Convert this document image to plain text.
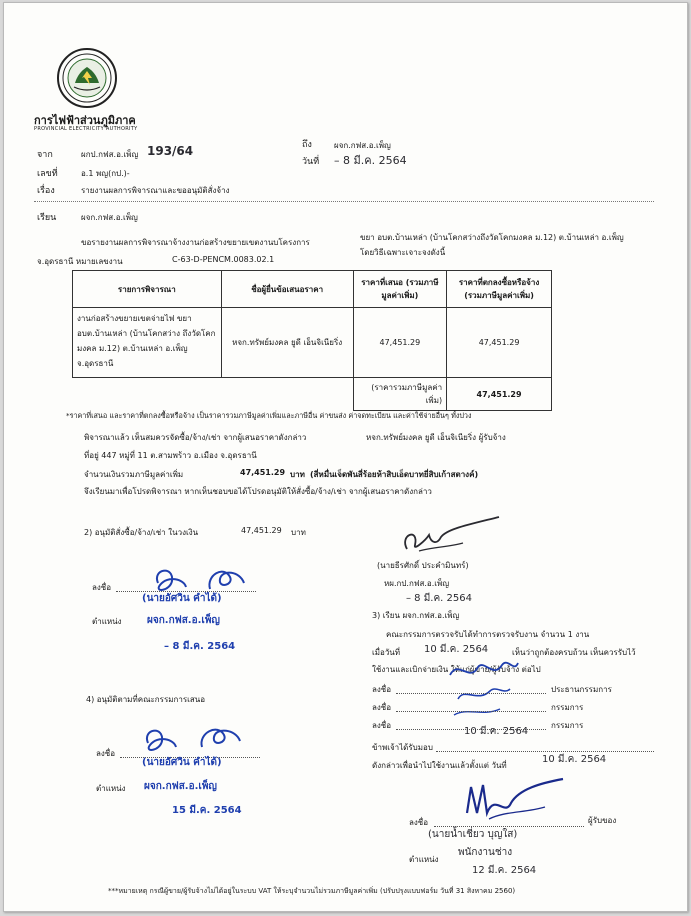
การไฟฟ้าส่วนภูมิภาค
PROVINCIAL ELECTRICITY AUTHORITY
จาก	ผกป.กฟส.อ.เพ็ญ 193/64	ถึง	ผจก.กฟส.อ.เพ็ญ
วันที่ – 8 มี.ค. 2564
เลขที่	อ.1 พญ(กป.)-
เรื่อง	รายงานผลการพิจารณาและขออนุมัติสั่งจ้าง
เรียน	ผจก.กฟส.อ.เพ็ญ
ขอรายงานผลการพิจารณาจ้างงานก่อสร้างขยายเขตงานบโครงการ
ขยา อบต.บ้านเหล่า (บ้านโคกสว่างถึงวัดโคกมงคล ม.12) ต.บ้านเหล่า อ.เพ็ญ
จ.อุดรธานี หมายเลขงาน	C-63-D-PENCM.0083.02.1
โดยวิธีเฉพาะเจาะจงดังนี้
รายการพิจารณา	ชื่อผู้ยื่นข้อเสนอราคา	ราคาที่เสนอ (รวมภาษีมูลค่าเพิ่ม)	ราคาที่ตกลงซื้อหรือจ้าง (รวมภาษีมูลค่าเพิ่ม)
งานก่อสร้างขยายเขตจ่ายไฟ ขยา อบต.บ้านเหล่า (บ้านโคกสว่าง ถึงวัดโคกมงคล ม.12) ต.บ้านเหล่า อ.เพ็ญ จ.อุดรธานี	หจก.ทรัพย์มงคล ยูดี เอ็นจิเนียริ่ง	47,451.29	47,451.29
		(ราคารวมภาษีมูลค่าเพิ่ม)	47,451.29
*ราคาที่เสนอ และราคาที่ตกลงซื้อหรือจ้าง เป็นราคารวมภาษีมูลค่าเพิ่มและภาษีอื่น ค่าขนส่ง ค่าจดทะเบียน และค่าใช้จ่ายอื่นๆ ทั้งปวง
พิจารณาแล้ว เห็นสมควรจัดซื้อ/จ้าง/เช่า จากผู้เสนอราคาดังกล่าว	หจก.ทรัพย์มงคล ยูดี เอ็นจิเนียริ่ง ผู้รับจ้าง
ที่อยู่ 447 หมู่ที่ 11 ต.สามพร้าว อ.เมือง จ.อุดรธานี
จำนวนเงินรวมภาษีมูลค่าเพิ่ม	47,451.29 บาท (สี่หมื่นเจ็ดพันสี่ร้อยห้าสิบเอ็ดบาทยี่สิบเก้าสตางค์)
จึงเรียนมาเพื่อโปรดพิจารณา หากเห็นชอบขอได้โปรดอนุมัติให้สั่งซื้อ/จ้าง/เช่า จากผู้เสนอราคาดังกล่าว
2) อนุมัติสั่งซื้อ/จ้าง/เช่า ในวงเงิน	47,451.29 บาท
(นายธีรศักดิ์ ประคำมินทร์)
หผ.กป.กฟส.อ.เพ็ญ
– 8 มี.ค. 2564
ลงชื่อ
(นายอัศวิน คำได้)
ตำแหน่ง	ผจก.กฟส.อ.เพ็ญ
– 8 มี.ค. 2564
3) เรียน ผจก.กฟส.อ.เพ็ญ
คณะกรรมการตรวจรับได้ทำการตรวจรับงาน จำนวน 1 งาน
เมื่อวันที่ 10 มี.ค. 2564	เห็นว่าถูกต้องครบถ้วน เห็นควรรับไว้
ใช้งานและเบิกจ่ายเงิน ให้แก่ผู้ขาย/ผู้รับจ้าง ต่อไป
ลงชื่อ	ประธานกรรมการ
ลงชื่อ	กรรมการ
ลงชื่อ	กรรมการ
10 มี.ค. 2564
ข้าพเจ้าได้รับมอบ
ดังกล่าวเพื่อนำไปใช้งานแล้วตั้งแต่ วันที่
10 มี.ค. 2564
ลงชื่อ	ผู้รับของ
(นายน้ำเชี่ยว บุญใส)
ตำแหน่ง
พนักงานช่าง
12 มี.ค. 2564
4) อนุมัติตามที่คณะกรรมการเสนอ
ลงชื่อ
(นายอัศวิน คำได้)
ตำแหน่ง ผจก.กฟส.อ.เพ็ญ
15 มี.ค. 2564
***หมายเหตุ กรณีผู้ขาย/ผู้รับจ้างไม่ได้อยู่ในระบบ VAT ให้ระบุจำนวนไม่รวมภาษีมูลค่าเพิ่ม (ปรับปรุงแบบฟอร์ม วันที่ 31 สิงหาคม 2560)
